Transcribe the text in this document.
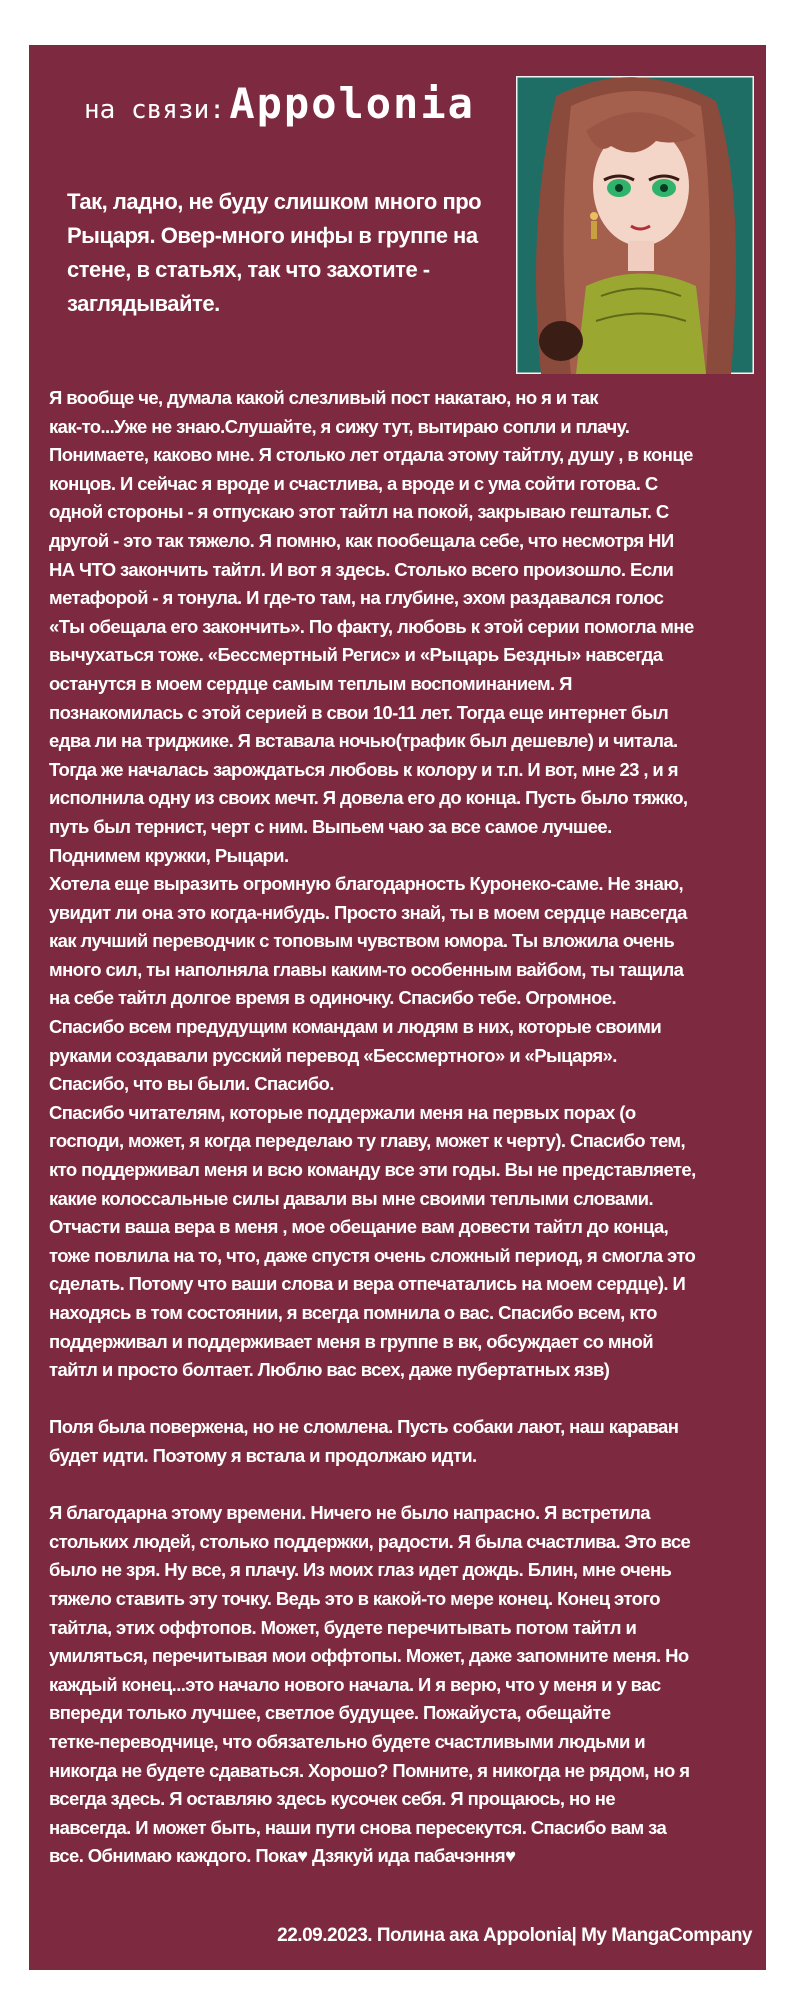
на связи: Appolonia
Так, ладно, не буду слишком много про Рыцаря. Овер-много инфы в группе на стене, в статьях, так что захотите - заглядывайте.
Я вообще че, думала какой слезливый пост накатаю, но я и так
как-то...Уже не знаю.Слушайте, я сижу тут, вытираю сопли и плачу.
Понимаете, каково мне. Я столько лет отдала этому тайтлу, душу , в конце
концов. И сейчас я вроде и счастлива, а вроде и с ума сойти готова. С
одной стороны - я отпускаю этот тайтл на покой, закрываю гештальт. С
другой - это так тяжело. Я помню, как пообещала себе, что несмотря НИ
НА ЧТО закончить тайтл. И вот я здесь. Столько всего произошло. Если
метафорой - я тонула. И где-то там, на глубине, эхом раздавался голос
«Ты обещала его закончить». По факту, любовь к этой серии помогла мне
вычухаться тоже. «Бессмертный Регис» и «Рыцарь Бездны» навсегда
останутся в моем сердце самым теплым воспоминанием. Я
познакомилась с этой серией в свои 10-11 лет. Тогда еще интернет был
едва ли на триджике. Я вставала ночью(трафик был дешевле) и читала.
Тогда же началась зарождаться любовь к колору и т.п. И вот, мне 23 , и я
исполнила одну из своих мечт. Я довела его до конца. Пусть было тяжко,
путь был тернист, черт с ним. Выпьем чаю за все самое лучшее.
Поднимем кружки, Рыцари.
Хотела еще выразить огромную благодарность Куронеко-саме. Не знаю,
увидит ли она это когда-нибудь. Просто знай, ты в моем сердце навсегда
как лучший переводчик с топовым чувством юмора. Ты вложила очень
много сил, ты наполняла главы каким-то особенным вайбом, ты тащила
на себе тайтл долгое время в одиночку. Спасибо тебе. Огромное.
Спасибо всем предудущим командам и людям в них, которые своими
руками создавали русский перевод «Бессмертного» и «Рыцаря».
Спасибо, что вы были. Спасибо.
Спасибо читателям, которые поддержали меня на первых порах (о
господи, может, я когда переделаю ту главу, может к черту). Спасибо тем,
кто поддерживал меня и всю команду все эти годы. Вы не представляете,
какие колоссальные силы давали вы мне своими теплыми словами.
Отчасти ваша вера в меня , мое обещание вам довести тайтл до конца,
тоже повлила на то, что, даже спустя очень сложный период, я смогла это
сделать. Потому что ваши слова и вера отпечатались на моем сердце). И
находясь в том состоянии, я всегда помнила о вас. Спасибо всем, кто
поддерживал и поддерживает меня в группе в вк, обсуждает со мной
тайтл и просто болтает. Люблю вас всех, даже пубертатных язв)
Поля была повержена, но не сломлена. Пусть собаки лают, наш караван
будет идти. Поэтому я встала и продолжаю идти.
Я благодарна этому времени. Ничего не было напрасно. Я встретила
стольких людей, столько поддержки, радости. Я была счастлива. Это все
было не зря. Ну все, я плачу. Из моих глаз идет дождь. Блин, мне очень
тяжело ставить эту точку. Ведь это в какой-то мере конец. Конец этого
тайтла, этих оффтопов. Может, будете перечитывать потом тайтл и
умиляться, перечитывая мои оффтопы. Может, даже запомните меня. Но
каждый конец...это начало нового начала. И я верю, что у меня и у вас
впереди только лучшее, светлое будущее. Пожайуста, обещайте
тетке-переводчице, что обязательно будете счастливыми людьми и
никогда не будете сдаваться. Хорошо? Помните, я никогда не рядом, но я
всегда здесь. Я оставляю здесь кусочек себя. Я прощаюсь, но не
навсегда. И может быть, наши пути снова пересекутся. Спасибо вам за
все. Обнимаю каждого. Пока♥ Дзякуй ида пабачэння♥
22.09.2023. Полина ака Appolonia| My MangaCompany
